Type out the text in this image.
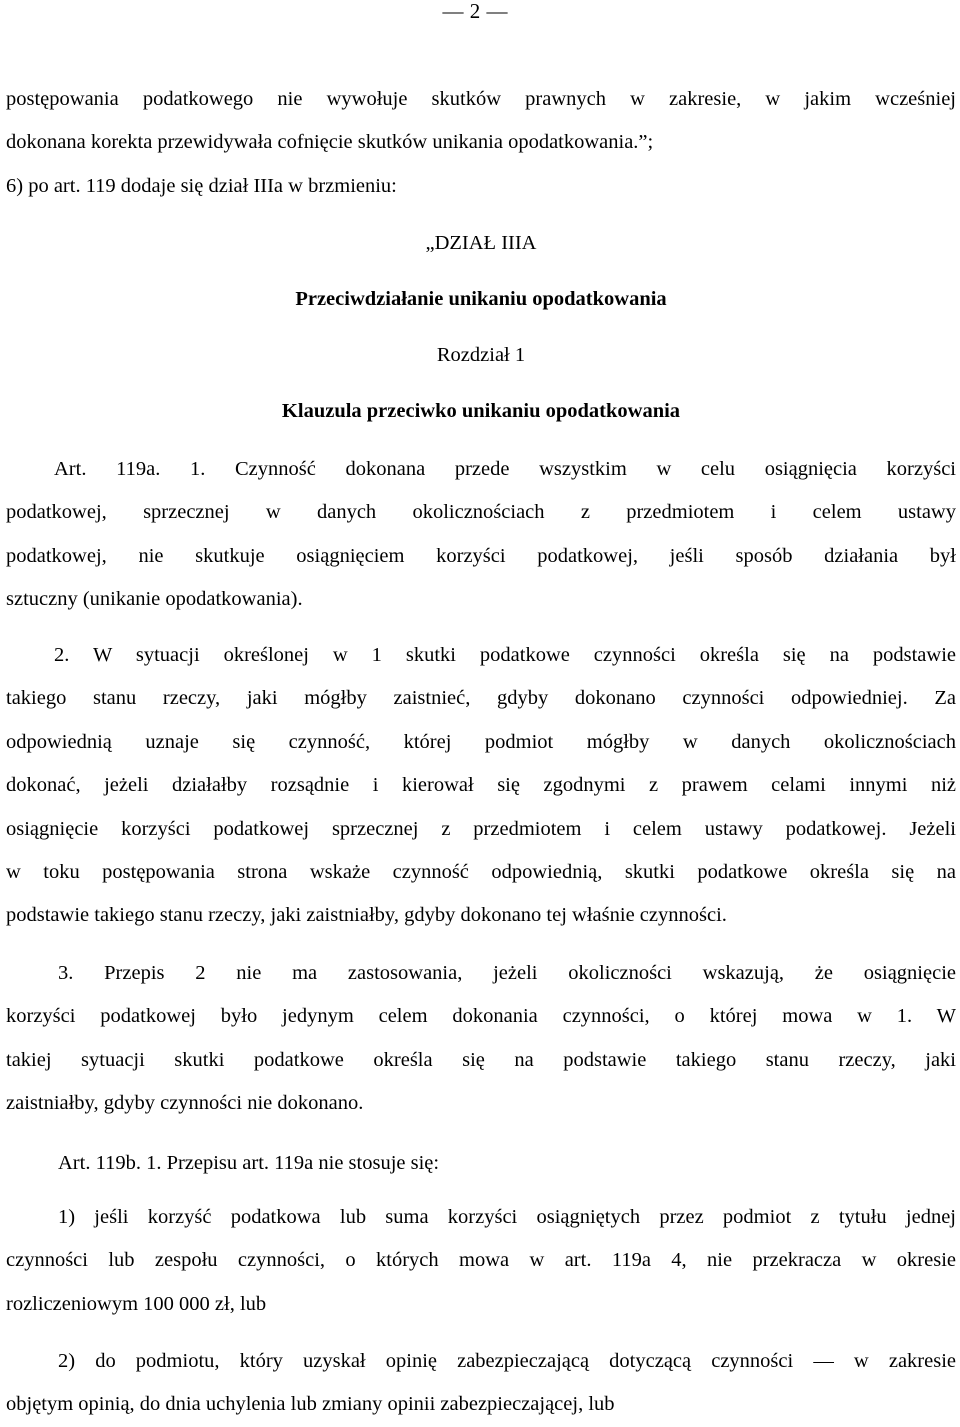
— 2 —
postępowania podatkowego nie wywołuje skutków prawnych w zakresie, w jakim wcześniej
dokonana korekta przewidywała cofnięcie skutków unikania opodatkowania.”;
6) po art. 119 dodaje się dział IIIa w brzmieniu:
„DZIAŁ IIIA
Przeciwdziałanie unikaniu opodatkowania
Rozdział 1
Klauzula przeciwko unikaniu opodatkowania
Art. 119a. 1. Czynność dokonana przede wszystkim w celu osiągnięcia korzyści
podatkowej, sprzecznej w danych okolicznościach z przedmiotem i celem ustawy
podatkowej, nie skutkuje osiągnięciem korzyści podatkowej, jeśli sposób działania był
sztuczny (unikanie opodatkowania).
2. W sytuacji określonej w 1 skutki podatkowe czynności określa się na podstawie
takiego stanu rzeczy, jaki mógłby zaistnieć, gdyby dokonano czynności odpowiedniej. Za
odpowiednią uznaje się czynność, której podmiot mógłby w danych okolicznościach
dokonać, jeżeli działałby rozsądnie i kierował się zgodnymi z prawem celami innymi niż
osiągnięcie korzyści podatkowej sprzecznej z przedmiotem i celem ustawy podatkowej. Jeżeli
w toku postępowania strona wskaże czynność odpowiednią, skutki podatkowe określa się na
podstawie takiego stanu rzeczy, jaki zaistniałby, gdyby dokonano tej właśnie czynności.
3. Przepis 2 nie ma zastosowania, jeżeli okoliczności wskazują, że osiągnięcie
korzyści podatkowej było jedynym celem dokonania czynności, o której mowa w 1. W
takiej sytuacji skutki podatkowe określa się na podstawie takiego stanu rzeczy, jaki
zaistniałby, gdyby czynności nie dokonano.
Art. 119b. 1. Przepisu art. 119a nie stosuje się:
1) jeśli korzyść podatkowa lub suma korzyści osiągniętych przez podmiot z tytułu jednej
czynności lub zespołu czynności, o których mowa w art. 119a 4, nie przekracza w okresie
rozliczeniowym 100 000 zł, lub
2) do podmiotu, który uzyskał opinię zabezpieczającą dotyczącą czynności — w zakresie
objętym opinią, do dnia uchylenia lub zmiany opinii zabezpieczającej, lub
